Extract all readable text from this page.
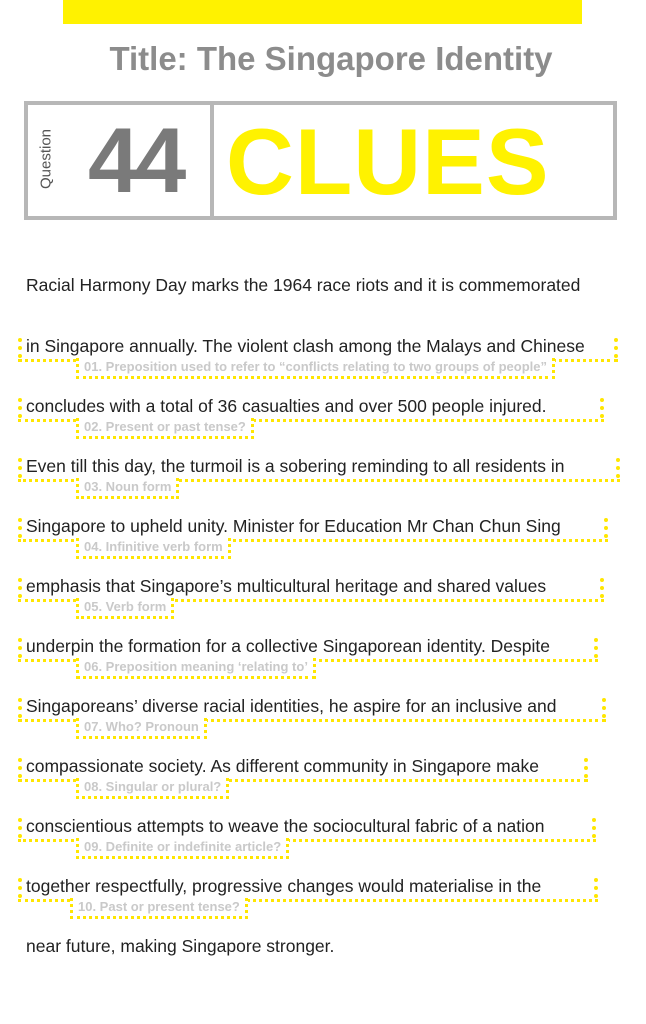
Title: The Singapore Identity
Question 44 CLUES
Racial Harmony Day marks the 1964 race riots and it is commemorated
in Singapore annually. The violent clash among the Malays and Chinese
01. Preposition used to refer to “conflicts relating to two groups of people”
concludes with a total of 36 casualties and over 500 people injured.
02. Present or past tense?
Even till this day, the turmoil is a sobering reminding to all residents in
03. Noun form
Singapore to upheld unity. Minister for Education Mr Chan Chun Sing
04. Infinitive verb form
emphasis that Singapore’s multicultural heritage and shared values
05. Verb form
underpin the formation for a collective Singaporean identity. Despite
06. Preposition meaning ‘relating to’
Singaporeans’ diverse racial identities, he aspire for an inclusive and
07. Who? Pronoun
compassionate society. As different community in Singapore make
08. Singular or plural?
conscientious attempts to weave the sociocultural fabric of a nation
09. Definite or indefinite article?
together respectfully, progressive changes would materialise in the
10. Past or present tense?
near future, making Singapore stronger.
